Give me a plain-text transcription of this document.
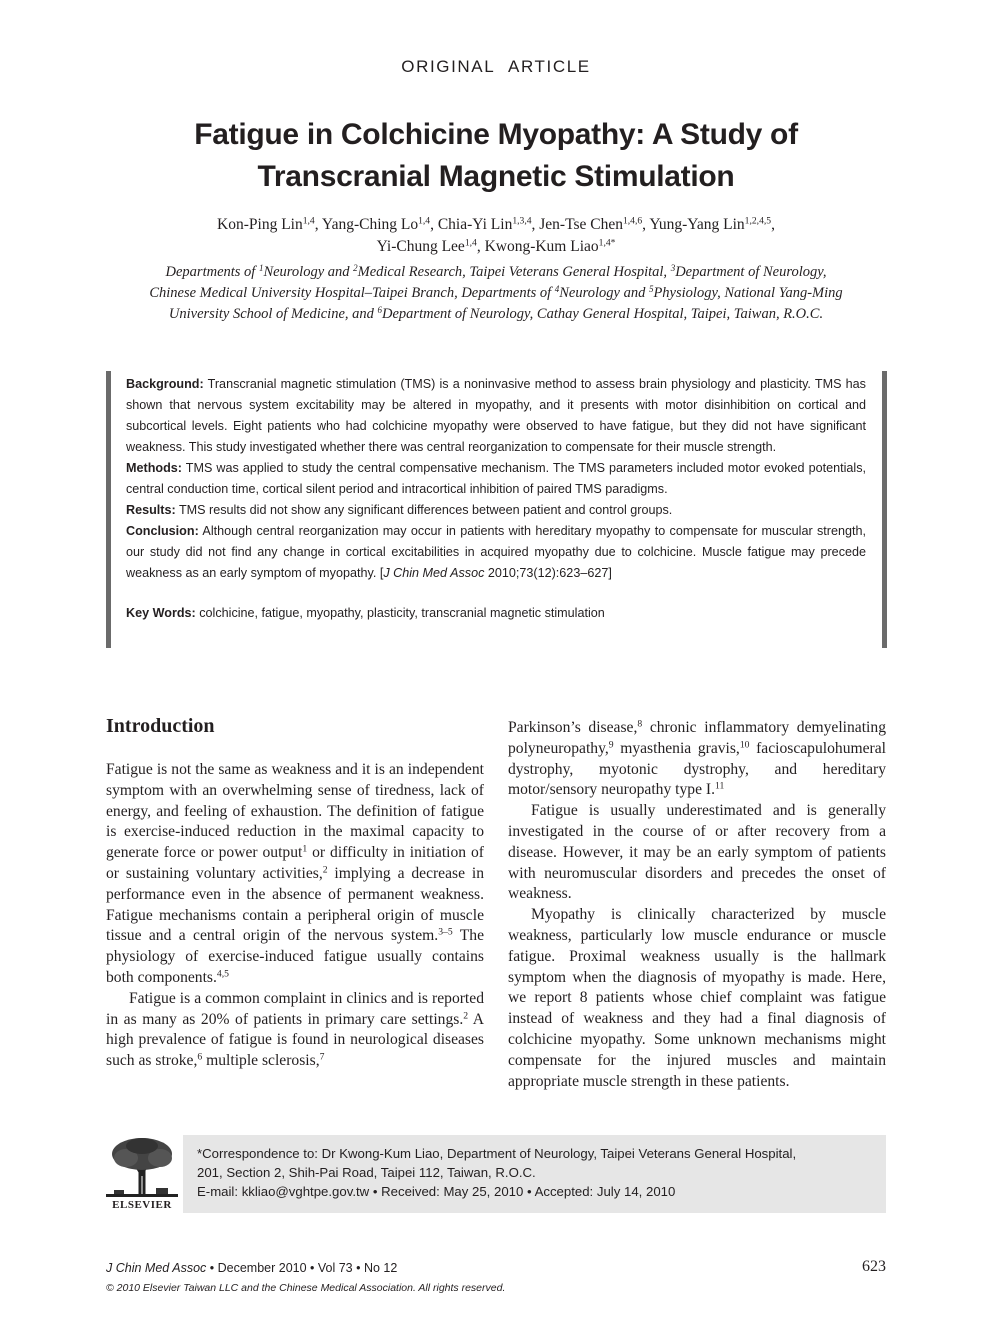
ORIGINAL ARTICLE
Fatigue in Colchicine Myopathy: A Study of
Transcranial Magnetic Stimulation
Kon-Ping Lin$^{1,4}$, Yang-Ching Lo$^{1,4}$, Chia-Yi Lin$^{1,3,4}$, Jen-Tse Chen$^{1,4,6}$, Yung-Yang Lin$^{1,2,4,5}$,
Yi-Chung Lee$^{1,4}$, Kwong-Kum Liao$^{1,4*}$
Departments of $^1$Neurology and $^2$Medical Research, Taipei Veterans General Hospital, $^3$Department of Neurology,
Chinese Medical University Hospital–Taipei Branch, Departments of $^4$Neurology and $^5$Physiology, National Yang-Ming
University School of Medicine, and $^6$Department of Neurology, Cathay General Hospital, Taipei, Taiwan, R.O.C.

Background: Transcranial magnetic stimulation (TMS) is a noninvasive method to assess brain physiology and plasticity. TMS has shown that nervous system excitability may be altered in myopathy, and it presents with motor disinhibition on cortical and subcortical levels. Eight patients who had colchicine myopathy were observed to have fatigue, but they did not have significant weakness. This study investigated whether there was central reorganization to compensate for their muscle strength.

Methods: TMS was applied to study the central compensative mechanism. The TMS parameters included motor evoked potentials, central conduction time, cortical silent period and intracortical inhibition of paired TMS paradigms.

Results: TMS results did not show any significant differences between patient and control groups.

Conclusion: Although central reorganization may occur in patients with hereditary myopathy to compensate for muscular strength, our study did not find any change in cortical excitabilities in acquired myopathy due to colchicine. Muscle fatigue may precede weakness as an early symptom of myopathy. [J Chin Med Assoc 2010;73(12):623–627]

Key Words: colchicine, fatigue, myopathy, plasticity, transcranial magnetic stimulation

Introduction

Fatigue is not the same as weakness and it is an independent symptom with an overwhelming sense of tiredness, lack of energy, and feeling of exhaustion. The definition of fatigue is exercise-induced reduction in the maximal capacity to generate force or power output$^1$ or difficulty in initiation of or sustaining voluntary activities,$^2$ implying a decrease in performance even in the absence of permanent weakness. Fatigue mechanisms contain a peripheral origin of muscle tissue and a central origin of the nervous system.$^{3-5}$ The physiology of exercise-induced fatigue usually contains both components.$^{4,5}$

Fatigue is a common complaint in clinics and is reported in as many as 20% of patients in primary care settings.$^2$ A high prevalence of fatigue is found in neurological diseases such as stroke,$^6$ multiple sclerosis,$^7$

Parkinson’s disease,$^8$ chronic inflammatory demyelinating polyneuropathy,$^9$ myasthenia gravis,$^{10}$ facioscapulohumeral dystrophy, myotonic dystrophy, and hereditary motor/sensory neuropathy type I.$^{11}$

Fatigue is usually underestimated and is generally investigated in the course of or after recovery from a disease. However, it may be an early symptom of patients with neuromuscular disorders and precedes the onset of weakness.

Myopathy is clinically characterized by muscle weakness, particularly low muscle endurance or muscle fatigue. Proximal weakness usually is the hallmark symptom when the diagnosis of myopathy is made. Here, we report 8 patients whose chief complaint was fatigue instead of weakness and they had a final diagnosis of colchicine myopathy. Some unknown mechanisms might compensate for the injured muscles and maintain appropriate muscle strength in these patients.

ELSEVIER
*Correspondence to: Dr Kwong-Kum Liao, Department of Neurology, Taipei Veterans General Hospital,
201, Section 2, Shih-Pai Road, Taipei 112, Taiwan, R.O.C.
E-mail: kkliao@vghtpe.gov.tw • Received: May 25, 2010 • Accepted: July 14, 2010
J Chin Med Assoc • December 2010 • Vol 73 • No 12
© 2010 Elsevier Taiwan LLC and the Chinese Medical Association. All rights reserved.
623
